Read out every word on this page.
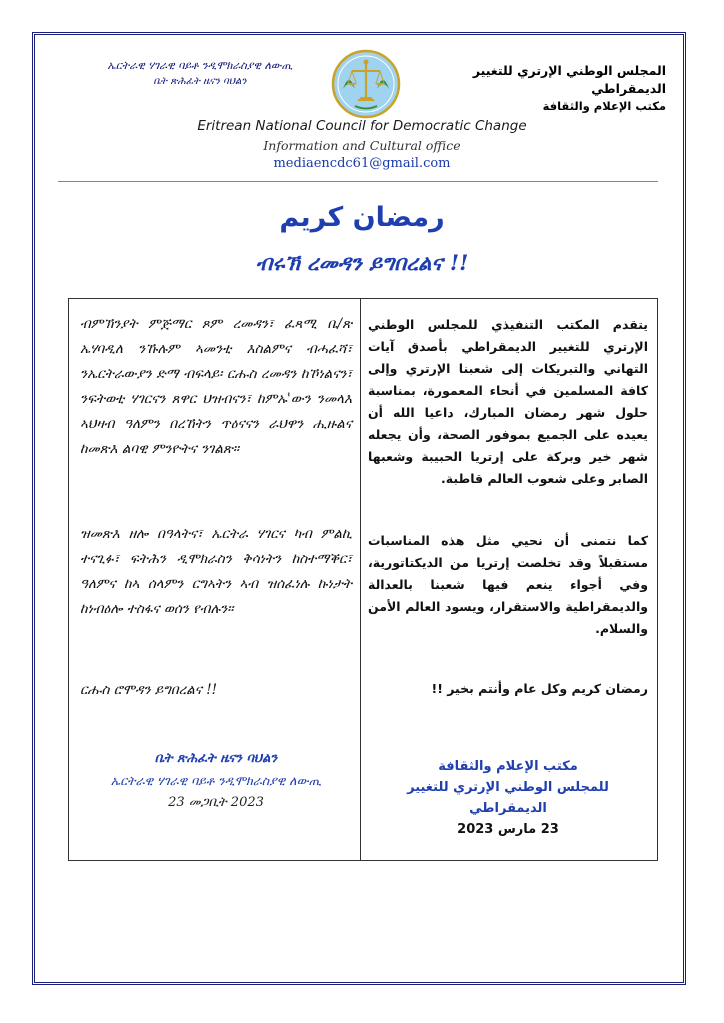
ኤርትራዊ ሃገራዊ ባይቶ ንዲሞክራስያዊ ለውጢ
ቤት ጽሕፈት ዜናን ባህልን
المجلس الوطني الإرتري للتغيير الديمقراطي
مكتب الإعلام والثقافة
Eritrean National Council for Democratic Change
Information and Cultural office
mediaencdc61@gmail.com
رمضان كريم
ብሩኽ ረመዳን ይግበረልና !!
ብምኽንያት ምጅማር ጾም ረመዳን፣ ፈጻሚ ቤ/ጽ ኤሃባዲለ ንኹሉም ኣመንቲ እስልምና ብሓፈሻ፣ ንኤርትራውያን ድማ ብፍላይ፡ ርሑስ ረመዳን ከኾነልናን፣ ንፍትወቲ ሃገርናን ጸዋር ህዝብናን፣ ከምኡ'ውን ንመላእ ኣህዛብ ዓለምን በረኸትን ጥዕናናን ራህዋን ሒዙልና ከመጽእ ልባዊ ምንዮትና ንገልጽ።
ዝመጽእ ዘሎ በዓላትና፣ ኤርትራ ሃገርና ካብ ምልኪ ተናጊፉ፣ ፍትሕን ዲሞክራስን ቅሳነትን ከስተማቕር፣ ዓለምና ከኣ ሰላምን ርግኣትን ኣብ ዝሰፈነሉ ኩነታት ከነብዕሎ ተስፋና ወሰን የብሉን።
ርሑስ ሮሞዳን ይግበረልና !!
ቤት ጽሕፈት ዜናን ባህልን
ኤርትራዊ ሃገራዊ ባይቶ ንዲሞክራስያዊ ለውጢ
23 መጋቢት 2023
يتقدم المكتب التنفيذي للمجلس الوطني الإرتري للتغيير الديمقراطي بأصدق آيات التهاني والتبريكات إلى شعبنا الإرتري وإلى كافة المسلمين في أنحاء المعمورة، بمناسبة حلول شهر رمضان المبارك، داعيا الله أن يعيده على الجميع بموفور الصحة، وأن يجعله شهر خير وبركة على إرتريا الحبيبة وشعبها الصابر وعلى شعوب العالم قاطبة.
كما نتمنى أن نحيي مثل هذه المناسبات مستقبلاً وقد تخلصت إرتريا من الديكتاتورية، وفي أجواء ينعم فيها شعبنا بالعدالة والديمقراطية والاستقرار، ويسود العالم الأمن والسلام.
رمضان كريم وكل عام وأنتم بخير !!
مكتب الإعلام والثقافة
للمجلس الوطني الإرتري للتغيير الديمقراطي
23 مارس 2023
